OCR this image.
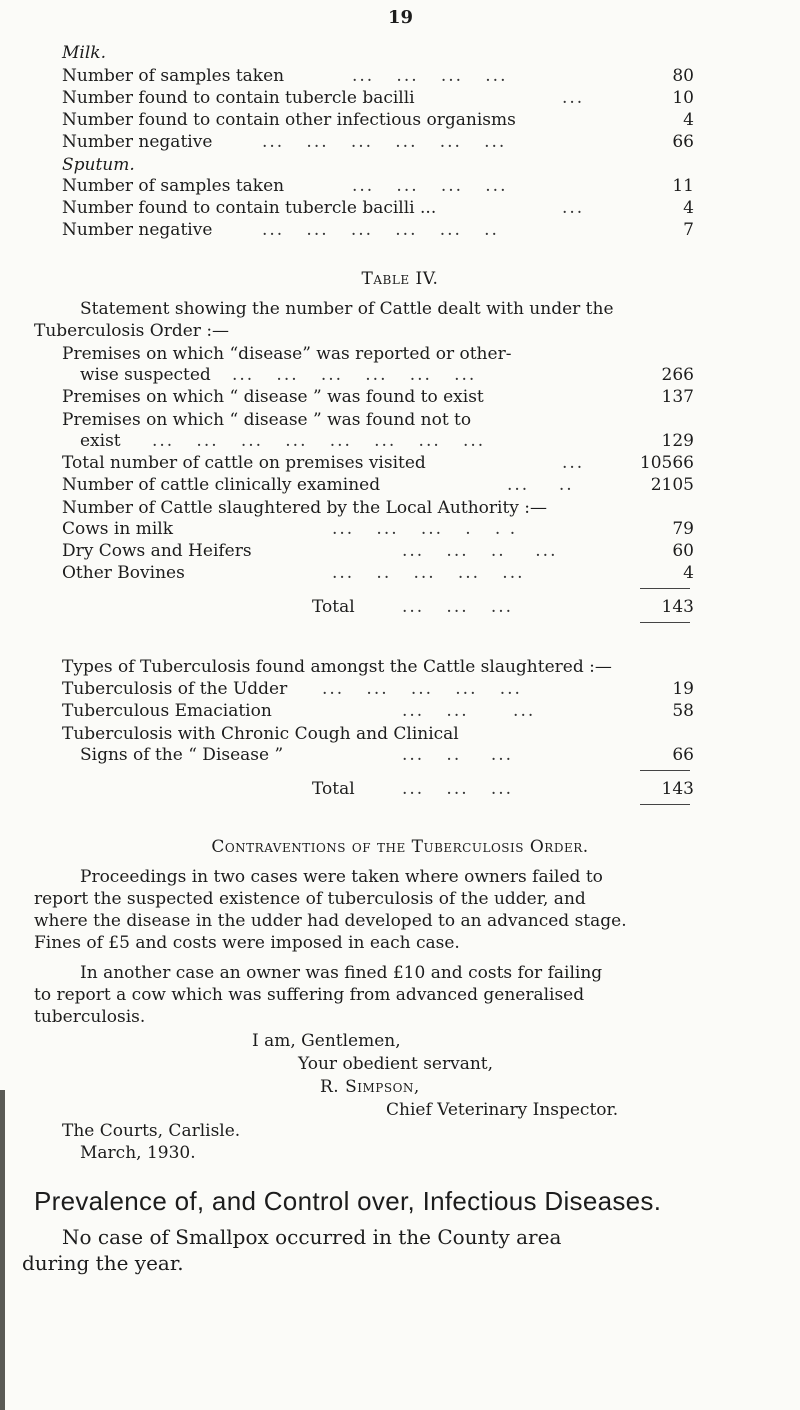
19
Milk.
Number of samples taken	...   ...   ...   ...	80
Number found to contain tubercle bacilli	...	10
Number found to contain other infectious organisms	4
Number negative	...   ...   ...   ...   ...   ...	66
Sputum.
Number of samples taken	...   ...   ...   ...	11
Number found to contain tubercle bacilli ...	...	4
Number negative	...   ...   ...   ...   ...   ..	7
Table IV.
Statement showing the number of Cattle dealt with under the
Tuberculosis Order :—
Premises on which “disease” was reported or other-
wise suspected ...   ...   ...   ...   ...   ...	266
Premises on which “ disease ” was found to exist	137
Premises on which “ disease ” was found not to
exist ...   ...   ...   ...   ...   ...   ...   ...	129
Total number of cattle on premises visited	...	10566
Number of cattle clinically examined	...    ..	2105
Number of Cattle slaughtered by the Local Authority :—
Cows in milk	...   ...   ...   .   . .	79
Dry Cows and Heifers	...   ...   ..    ...	60
Other Bovines	...   ..   ...   ...   ...	4
Total	...   ...   ...	143
Types of Tuberculosis found amongst the Cattle slaughtered :—
Tuberculosis of the Udder ...   ...   ...   ...   ...	19
Tuberculous Emaciation	...   ...      ...	58
Tuberculosis with Chronic Cough and Clinical
Signs of the “ Disease ”	...   ..    ...	66
Total	...   ...   ...	143
Contraventions of the Tuberculosis Order.
Proceedings in two cases were taken where owners failed to
report the suspected existence of tuberculosis of the udder, and
where the disease in the udder had developed to an advanced stage.
Fines of £5 and costs were imposed in each case.
In another case an owner was fined £10 and costs for failing
to report a cow which was suffering from advanced generalised
tuberculosis.
I am, Gentlemen,
Your obedient servant,
R. Simpson,
Chief Veterinary Inspector.
The Courts, Carlisle.
March, 1930.
Prevalence of, and Control over, Infectious Diseases.
No case of Smallpox occurred in the County area
during the year.
